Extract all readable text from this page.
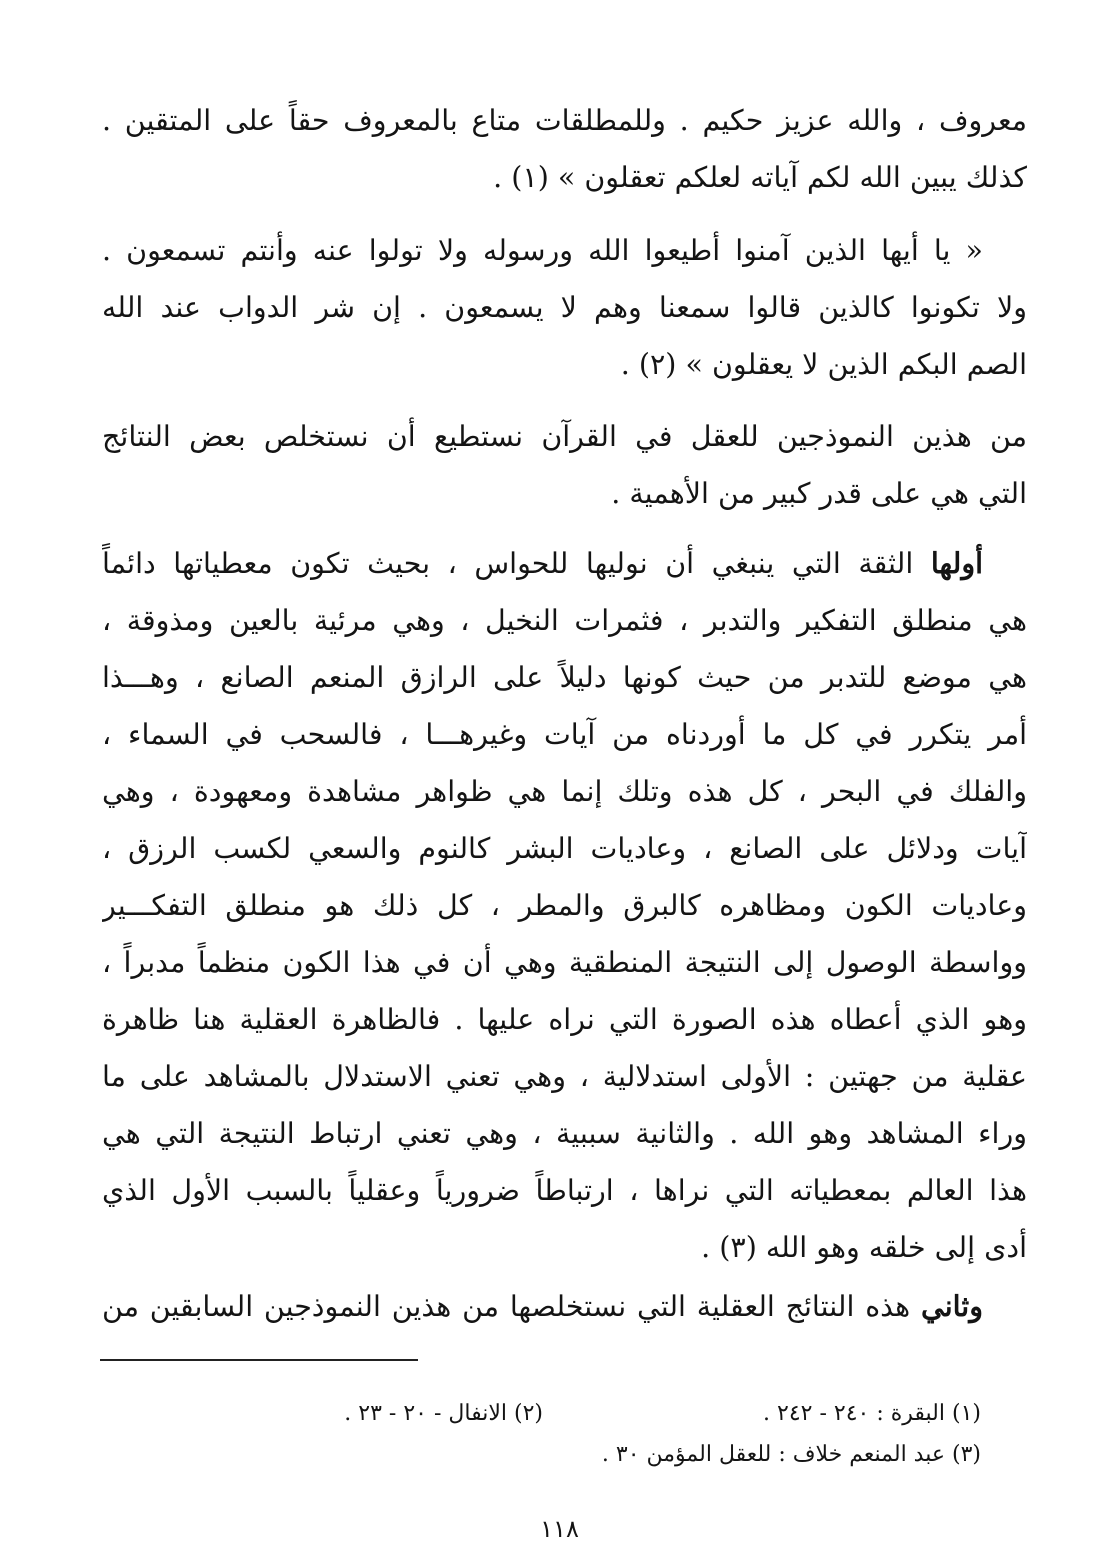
معروف ، والله عزيز حكيم . وللمطلقات متاع بالمعروف حقاً على المتقين .
كذلك يبين الله لكم آياته لعلكم تعقلون » (١) .
« يا أيها الذين آمنوا أطيعوا الله ورسوله ولا تولوا عنه وأنتم تسمعون .
ولا تكونوا كالذين قالوا سمعنا وهم لا يسمعون . إن شر الدواب عند الله
الصم البكم الذين لا يعقلون » (٢) .
من هذين النموذجين للعقل في القرآن نستطيع أن نستخلص بعض النتائج
التي هي على قدر كبير من الأهمية .
أولها الثقة التي ينبغي أن نوليها للحواس ، بحيث تكون معطياتها دائماً
هي منطلق التفكير والتدبر ، فثمرات النخيل ، وهي مرئية بالعين ومذوقة ،
هي موضع للتدبر من حيث كونها دليلاً على الرازق المنعم الصانع ، وهـــذا
أمر يتكرر في كل ما أوردناه من آيات وغيرهـــا ، فالسحب في السماء ،
والفلك في البحر ، كل هذه وتلك إنما هي ظواهر مشاهدة ومعهودة ، وهي
آيات ودلائل على الصانع ، وعاديات البشر كالنوم والسعي لكسب الرزق ،
وعاديات الكون ومظاهره كالبرق والمطر ، كل ذلك هو منطلق التفكـــير
وواسطة الوصول إلى النتيجة المنطقية وهي أن في هذا الكون منظماً مدبراً ،
وهو الذي أعطاه هذه الصورة التي نراه عليها . فالظاهرة العقلية هنا ظاهرة
عقلية من جهتين : الأولى استدلالية ، وهي تعني الاستدلال بالمشاهد على ما
وراء المشاهد وهو الله . والثانية سببية ، وهي تعني ارتباط النتيجة التي هي
هذا العالم بمعطياته التي نراها ، ارتباطاً ضرورياً وعقلياً بالسبب الأول الذي
أدى إلى خلقه وهو الله (٣) .
وثاني هذه النتائج العقلية التي نستخلصها من هذين النموذجين السابقين من
(١) البقرة : ٢٤٠ - ٢٤٢ .
(٢) الانفال - ٢٠ - ٢٣ .
(٣) عبد المنعم خلاف : للعقل المؤمن ٣٠ .
١١٨
